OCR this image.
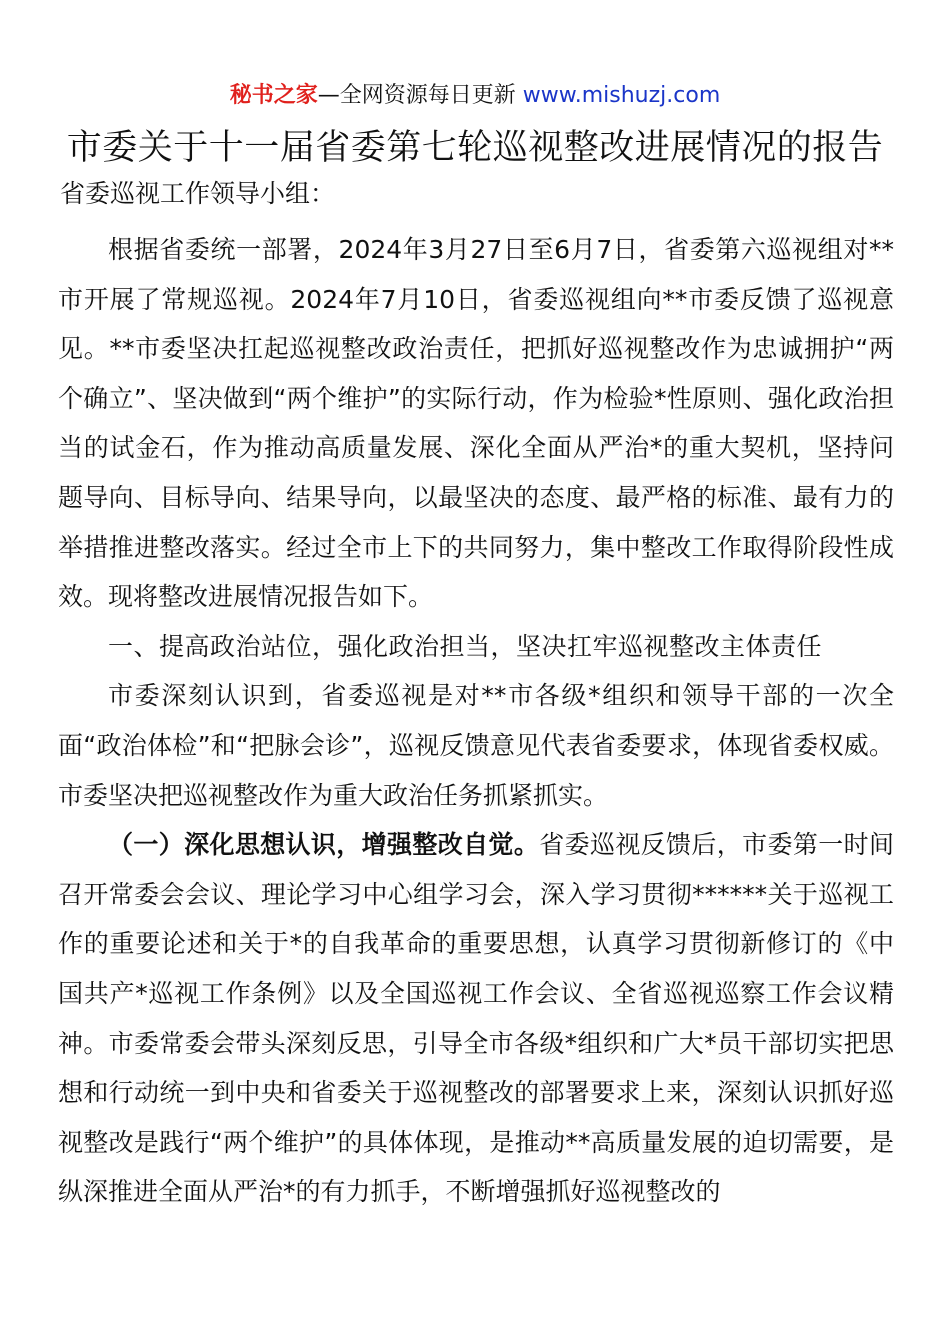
秘书之家—全网资源每日更新 www.mishuzj.com
市委关于十一届省委第七轮巡视整改进展情况的报告
省委巡视工作领导小组：

根据省委统一部署，2024年3月27日至6月7日，省委第六巡视组对**市开展了常规巡视。2024年7月10日，省委巡视组向**市委反馈了巡视意见。**市委坚决扛起巡视整改政治责任，把抓好巡视整改作为忠诚拥护“两个确立”、坚决做到“两个维护”的实际行动，作为检验*性原则、强化政治担当的试金石，作为推动高质量发展、深化全面从严治*的重大契机，坚持问题导向、目标导向、结果导向，以最坚决的态度、最严格的标准、最有力的举措推进整改落实。经过全市上下的共同努力，集中整改工作取得阶段性成效。现将整改进展情况报告如下。

一、提高政治站位，强化政治担当，坚决扛牢巡视整改主体责任

市委深刻认识到，省委巡视是对**市各级*组织和领导干部的一次全面“政治体检”和“把脉会诊”，巡视反馈意见代表省委要求，体现省委权威。市委坚决把巡视整改作为重大政治任务抓紧抓实。

（一）深化思想认识，增强整改自觉。省委巡视反馈后，市委第一时间召开常委会会议、理论学习中心组学习会，深入学习贯彻******关于巡视工作的重要论述和关于*的自我革命的重要思想，认真学习贯彻新修订的《中国共产*巡视工作条例》以及全国巡视工作会议、全省巡视巡察工作会议精神。市委常委会带头深刻反思，引导全市各级*组织和广大*员干部切实把思想和行动统一到中央和省委关于巡视整改的部署要求上来，深刻认识抓好巡视整改是践行“两个维护”的具体体现，是推动**高质量发展的迫切需要，是纵深推进全面从严治*的有力抓手，不断增强抓好巡视整改的
